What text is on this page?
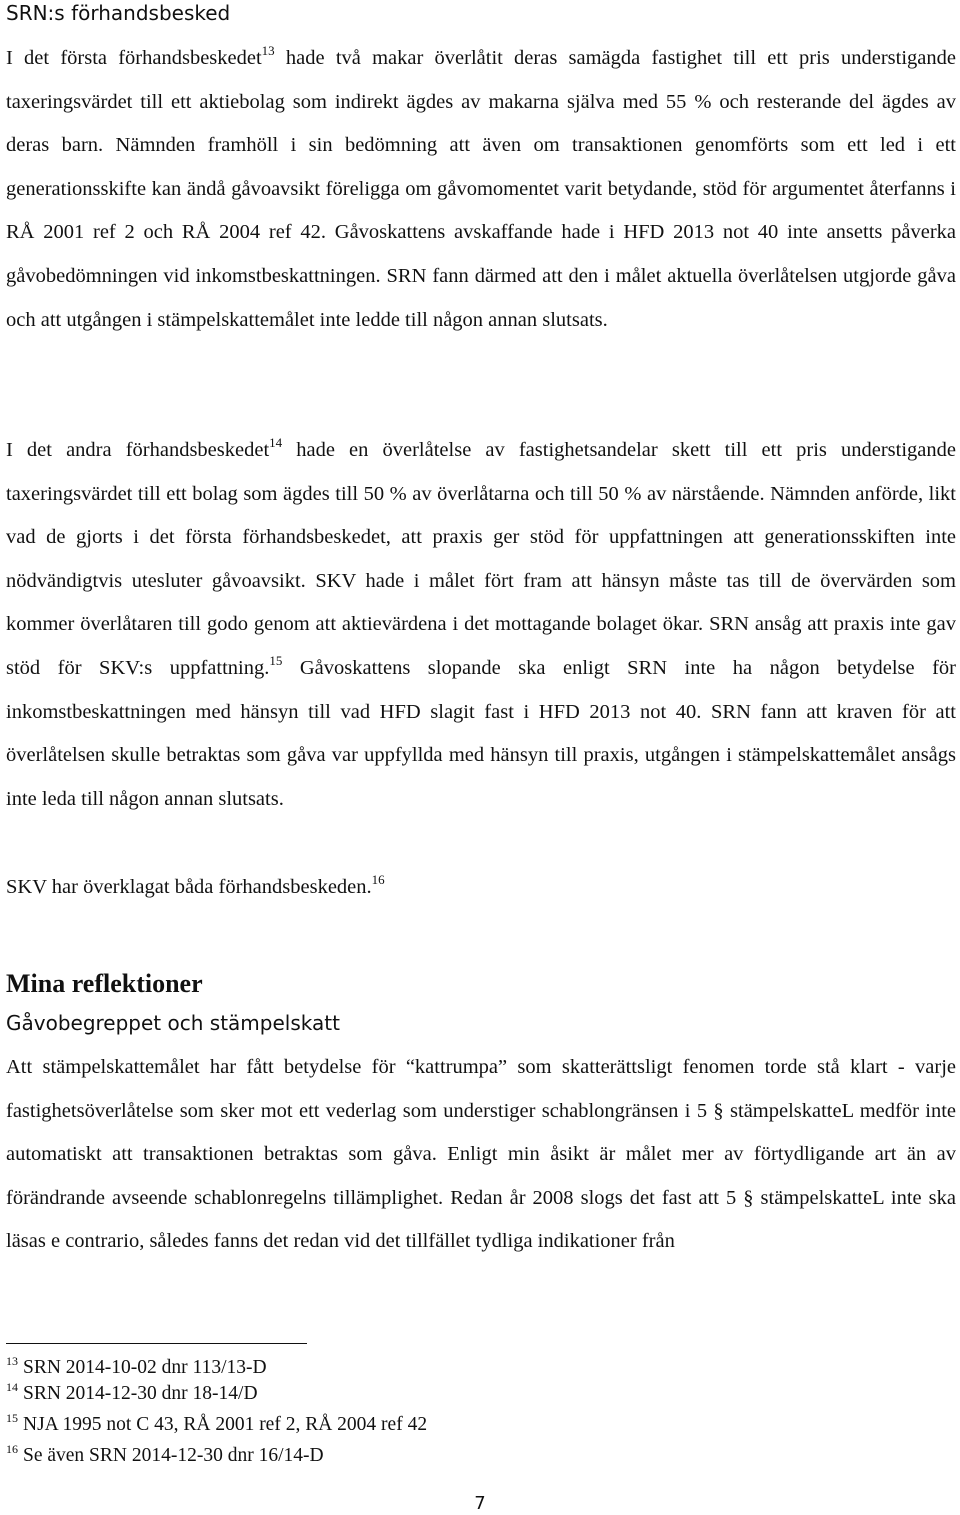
SRN:s förhandsbesked

I det första förhandsbeskedet$^{13}$ hade två makar överlåtit deras samägda fastighet till ett pris understigande taxeringsvärdet till ett aktiebolag som indirekt ägdes av makarna själva med 55 % och resterande del ägdes av deras barn. Nämnden framhöll i sin bedömning att även om transaktionen genomförts som ett led i ett generationsskifte kan ändå gåvoavsikt föreligga om gåvomomentet varit betydande, stöd för argumentet återfanns i RÅ 2001 ref 2 och RÅ 2004 ref 42. Gåvoskattens avskaffande hade i HFD 2013 not 40 inte ansetts påverka gåvobedömningen vid inkomstbeskattningen. SRN fann därmed att den i målet aktuella överlåtelsen utgjorde gåva och att utgången i stämpelskattemålet inte ledde till någon annan slutsats.

I det andra förhandsbeskedet$^{14}$ hade en överlåtelse av fastighetsandelar skett till ett pris understigande taxeringsvärdet till ett bolag som ägdes till 50 % av överlåtarna och till 50 % av närstående. Nämnden anförde, likt vad de gjorts i det första förhandsbeskedet, att praxis ger stöd för uppfattningen att generationsskiften inte nödvändigtvis utesluter gåvoavsikt. SKV hade i målet fört fram att hänsyn måste tas till de övervärden som kommer överlåtaren till godo genom att aktievärdena i det mottagande bolaget ökar. SRN ansåg att praxis inte gav stöd för SKV:s uppfattning.$^{15}$ Gåvoskattens slopande ska enligt SRN inte ha någon betydelse för inkomstbeskattningen med hänsyn till vad HFD slagit fast i HFD 2013 not 40. SRN fann att kraven för att överlåtelsen skulle betraktas som gåva var uppfyllda med hänsyn till praxis, utgången i stämpelskattemålet ansågs inte leda till någon annan slutsats.

SKV har överklagat båda förhandsbeskeden.$^{16}$

Mina reflektioner
Gåvobegreppet och stämpelskatt

Att stämpelskattemålet har fått betydelse för “kattrumpa” som skatterättsligt fenomen torde stå klart - varje fastighetsöverlåtelse som sker mot ett vederlag som understiger schablongränsen i 5 § stämpelskatteL medför inte automatiskt att transaktionen betraktas som gåva. Enligt min åsikt är målet mer av förtydligande art än av förändrande avseende schablonregelns tillämplighet. Redan år 2008 slogs det fast att 5 § stämpelskatteL inte ska läsas e contrario, således fanns det redan vid det tillfället tydliga indikationer från

$^{13}$ SRN 2014-10-02 dnr 113/13-D

$^{14}$ SRN 2014-12-30 dnr 18-14/D

$^{15}$ NJA 1995 not C 43, RÅ 2001 ref 2, RÅ 2004 ref 42

$^{16}$ Se även SRN 2014-12-30 dnr 16/14-D

7
